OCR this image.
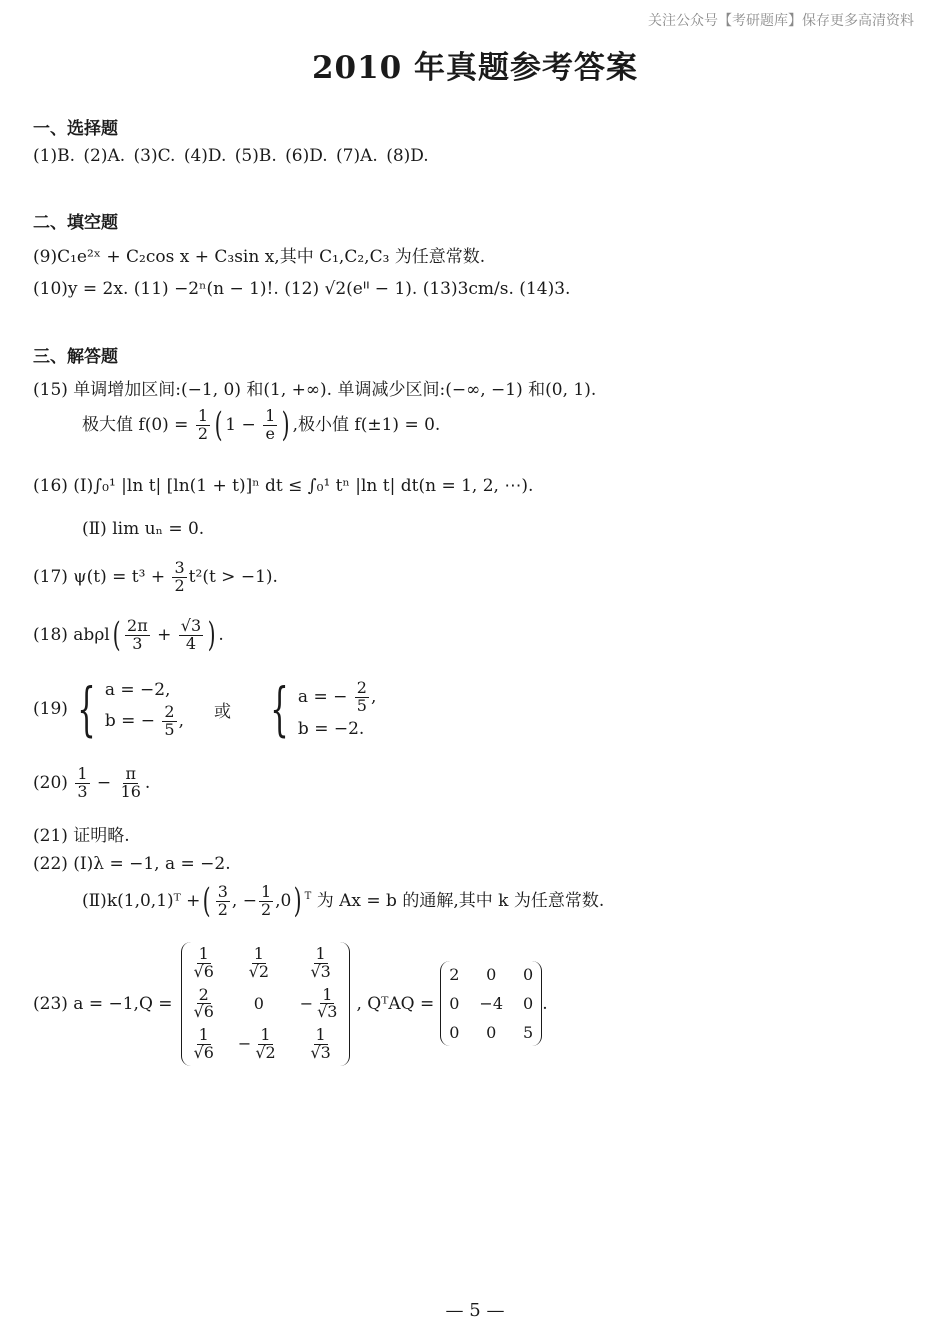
关注公众号【考研题库】保存更多高清资料
2010 年真题参考答案
一、选择题
(1)B. (2)A. (3)C. (4)D. (5)B. (6)D. (7)A. (8)D.
二、填空题
(9)C₁e²ˣ + C₂cos x + C₃sin x,其中 C₁,C₂,C₃ 为任意常数.
(10)y = 2x. (11) −2ⁿ(n − 1)!. (12) √2(eᐦ − 1). (13)3cm/s. (14)3.
三、解答题
(15) 单调增加区间:(−1, 0) 和(1, +∞). 单调减少区间:(−∞, −1) 和(0, 1).
极大值 $f(0) = \frac{1}{2}$ ( $1 - \frac{1}{e}$ ) ,极小值 f(±1) = 0.
(16) (Ⅰ)∫₀¹ |ln t| [ln(1 + t)]ⁿ dt ≤ ∫₀¹ tⁿ |ln t| dt(n = 1, 2, ⋯).
(Ⅱ) lim uₙ = 0.
(17) $\psi(t) = t^3 + \frac{3}{2} t^2(t > -1)$.
(18) $ab\rho l( \frac{2\pi}{3} + \frac{√3}{4}$ ) .
(19) { a = −2,
b = − $\frac{2}{5}$ , 或 { a = − $\frac{2}{5}$ ,
b = −2.
$(20) \frac{1}{3} - \frac{\pi}{16}$ .
(21) 证明略.
(22) (Ⅰ)λ = −1, a = −2.
(Ⅱ)k(1,0,1)ᵀ +( $\frac{3}{2}$ , − $\frac{1}{2} ,0$) $^T$ 为 Ax = b 的通解,其中 k 为任意常数.
(23) a = −1,Q =
$\frac{1}{√6} \frac{1}{√2} \frac{1}{√3}$
$\frac{2}{√6} 0 - \frac{1}{√3}$
$\frac{1}{√6} - \frac{1}{√2} \frac{1}{√3}$
, QᵀAQ =
2 0 0
0 −4 0
0 0 5
.
— 5 —
